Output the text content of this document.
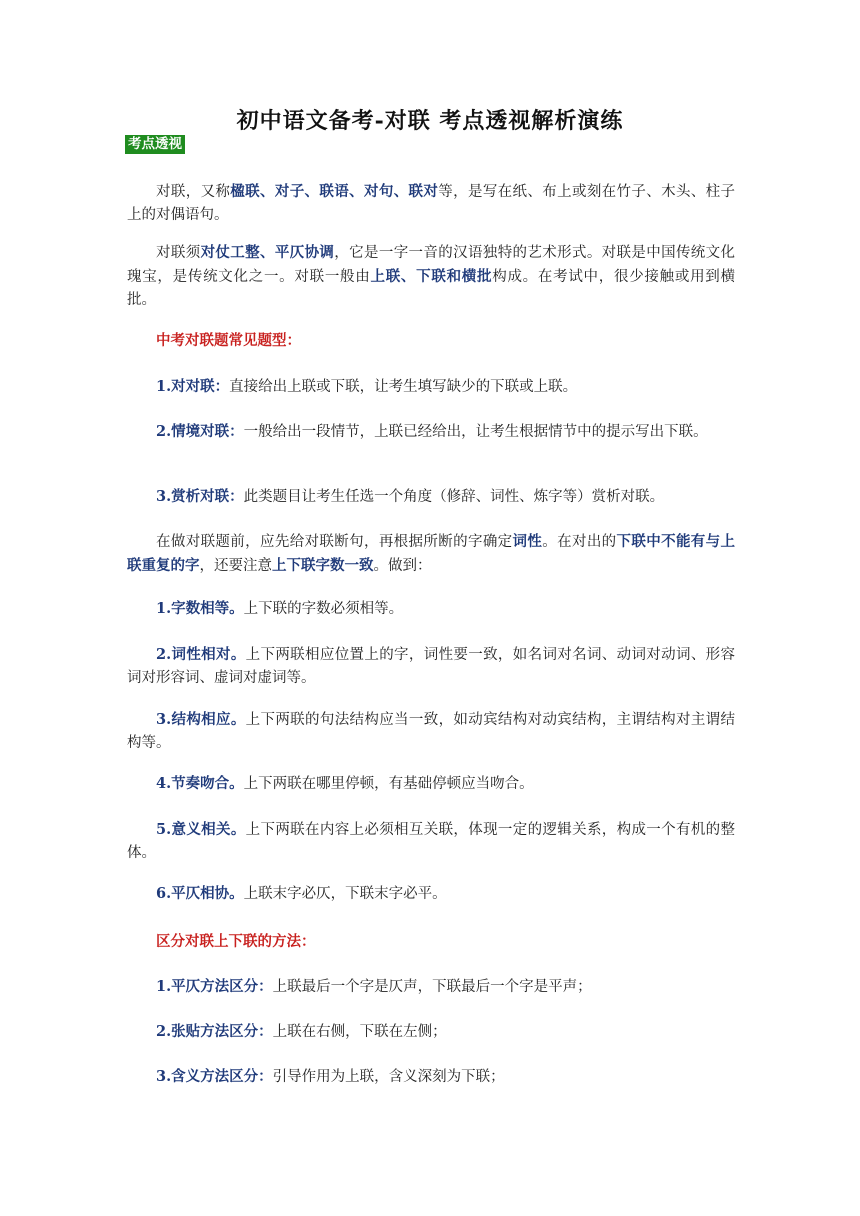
初中语文备考-对联 考点透视解析演练
考点透视
对联，又称楹联、对子、联语、对句、联对等，是写在纸、布上或刻在竹子、木头、柱子上的对偶语句。
对联须对仗工整、平仄协调，它是一字一音的汉语独特的艺术形式。对联是中国传统文化瑰宝，是传统文化之一。对联一般由上联、下联和横批构成。在考试中，很少接触或用到横批。
中考对联题常见题型：
1.对对联：直接给出上联或下联，让考生填写缺少的下联或上联。
2.情境对联：一般给出一段情节，上联已经给出，让考生根据情节中的提示写出下联。
3.赏析对联：此类题目让考生任选一个角度（修辞、词性、炼字等）赏析对联。
在做对联题前，应先给对联断句，再根据所断的字确定词性。在对出的下联中不能有与上联重复的字，还要注意上下联字数一致。做到：
1.字数相等。上下联的字数必须相等。
2.词性相对。上下两联相应位置上的字，词性要一致，如名词对名词、动词对动词、形容词对形容词、虚词对虚词等。
3.结构相应。上下两联的句法结构应当一致，如动宾结构对动宾结构，主谓结构对主谓结构等。
4.节奏吻合。上下两联在哪里停顿，有基础停顿应当吻合。
5.意义相关。上下两联在内容上必须相互关联，体现一定的逻辑关系，构成一个有机的整体。
6.平仄相协。上联末字必仄，下联末字必平。
区分对联上下联的方法：
1.平仄方法区分：上联最后一个字是仄声，下联最后一个字是平声；
2.张贴方法区分：上联在右侧，下联在左侧；
3.含义方法区分：引导作用为上联，含义深刻为下联；
